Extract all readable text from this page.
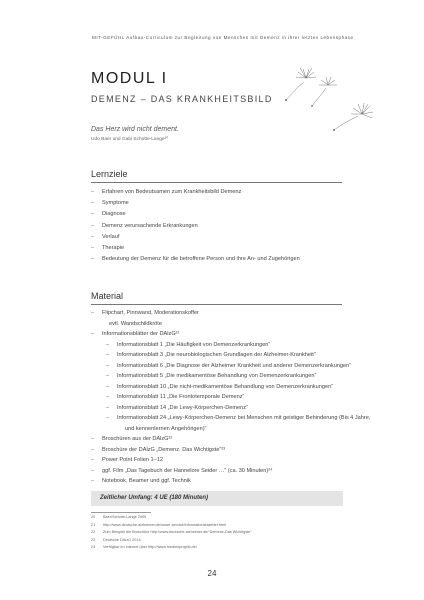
MIT-GEFÜHL Aufbau-Curriculum zur Begleitung von Menschen mit Demenz in ihrer letzten Lebensphase
MODUL I
DEMENZ – DAS KRANKHEITSBILD
Das Herz wird nicht dement.
Udo Baer und Gabi Schotte-Lange²⁰
Lernziele
– Erfahren von Bedeutsamen zum Krankheitsbild Demenz
– Symptome
– Diagnose
– Demenz verursachende Erkrankungen
– Verlauf
– Therapie
– Bedeutung der Demenz für die betroffene Person und ihre An- und Zugehörigen
Material
– Flipchart, Pinnwand, Moderationskoffer
evtl. Wandschildkröte
– Informationsblätter der DAlzG²¹
– Informationsblatt 1 „Die Häufigkeit von Demenzerkrankungen“
– Informationsblatt 3 „Die neurobiologischen Grundlagen der Alzheimer-Krankheit“
– Informationsblatt 6 „Die Diagnose der Alzheimer Krankheit und anderer Demenzerkrankungen“
– Informationsblatt 5 „Die medikamentöse Behandlung von Demenzerkrankungen“
– Informationsblatt 10 „Die nicht-medikamentöse Behandlung von Demenzerkrankungen“
– Informationsblatt 11 „Die Frontotemporale Demenz“
– Informationsblatt 14 „Die Lewy-Körperchen-Demenz“
– Informationsblatt 24 „Lewy-Körperchen-Demenz bei Menschen mit geistiger Behinderung (Bis 4 Jahre,
und kennenlernen Angehörigen)“
– Broschüren aus der DAlzG²²
– Broschüre der DAlzG „Demenz. Das Wichtigste“²³
– Power Point Folien 1–12
– ggf. Film „Das Tagebuch der Hannelore Seider …“ (ca. 30 Minuten)²⁴
– Notebook, Beamer und ggf. Technik
Zeitlicher Umfang: 4 UE (180 Minuten)
20 Baer/Schotte-Lange 2009
21 http://www.deutsche-alzheimer.de/unser-service/informationsblaetter.html
22 Zum Beispiel die Broschüre http://www.deutsche-alzheimer.de/“Demenz-Das Wichtigste”
23 Deutsche DAlzG 2014
24 Verfügbar im Internet über http://www.medienprojekt.de/
24
